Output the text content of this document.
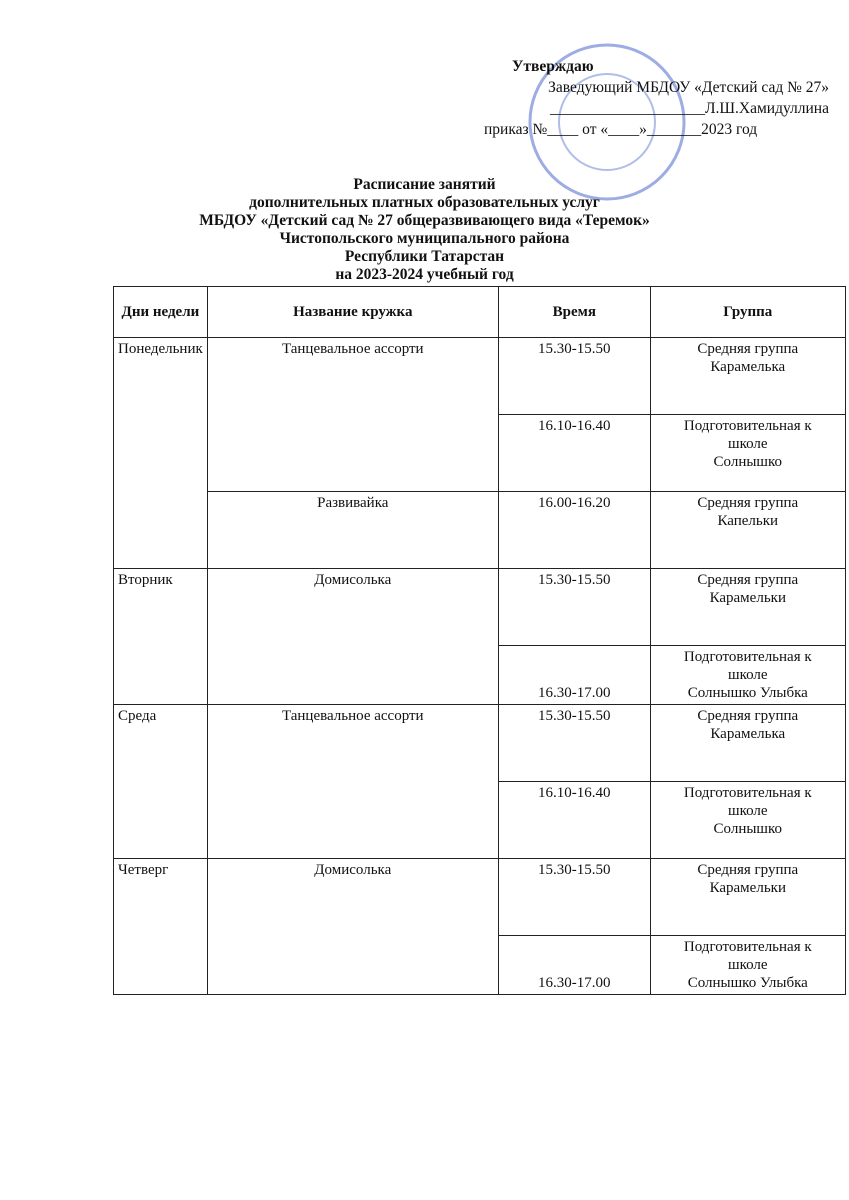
Утверждаю
Заведующий МБДОУ «Детский сад № 27»
____________________Л.Ш.Хамидуллина
приказ №____ от «____»_______2023 год
Расписание занятий
дополнительных платных образовательных услуг
МБДОУ «Детский сад № 27 общеразвивающего вида «Теремок»
Чистопольского муниципального района
Республики Татарстан
на 2023-2024 учебный год
Дни недели	Название кружка	Время	Группа
Понедельник	Танцевальное ассорти	15.30-15.50	Средняя группа
Карамелька
		16.10-16.40	Подготовительная к
школе
Солнышко
	Развивайка	16.00-16.20	Средняя группа
Капельки
Вторник	Домисолька	15.30-15.50	Средняя группа
Карамельки
		16.30-17.00	Подготовительная к
школе
Солнышко Улыбка
Среда	Танцевальное ассорти	15.30-15.50	Средняя группа
Карамелька
		16.10-16.40	Подготовительная к
школе
Солнышко
Четверг	Домисолька	15.30-15.50	Средняя группа
Карамельки
		16.30-17.00	Подготовительная к
школе
Солнышко Улыбка
